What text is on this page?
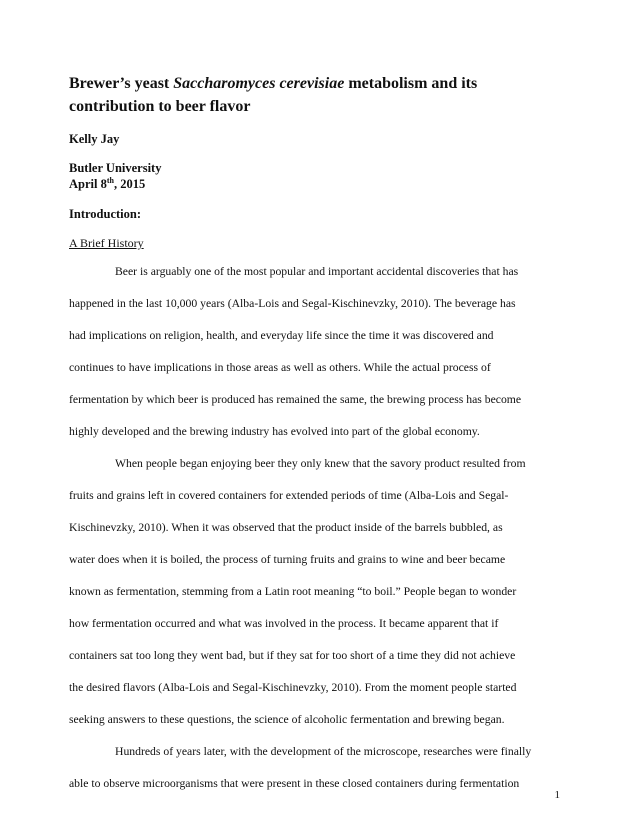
Brewer’s yeast Saccharomyces cerevisiae metabolism and its
contribution to beer flavor
Kelly Jay
Butler University
April 8th, 2015
Introduction:
A Brief History
Beer is arguably one of the most popular and important accidental discoveries that has
happened in the last 10,000 years (Alba-Lois and Segal-Kischinevzky, 2010). The beverage has
had implications on religion, health, and everyday life since the time it was discovered and
continues to have implications in those areas as well as others. While the actual process of
fermentation by which beer is produced has remained the same, the brewing process has become
highly developed and the brewing industry has evolved into part of the global economy.
When people began enjoying beer they only knew that the savory product resulted from
fruits and grains left in covered containers for extended periods of time (Alba-Lois and Segal-
Kischinevzky, 2010). When it was observed that the product inside of the barrels bubbled, as
water does when it is boiled, the process of turning fruits and grains to wine and beer became
known as fermentation, stemming from a Latin root meaning “to boil.” People began to wonder
how fermentation occurred and what was involved in the process. It became apparent that if
containers sat too long they went bad, but if they sat for too short of a time they did not achieve
the desired flavors (Alba-Lois and Segal-Kischinevzky, 2010). From the moment people started
seeking answers to these questions, the science of alcoholic fermentation and brewing began.
Hundreds of years later, with the development of the microscope, researches were finally
able to observe microorganisms that were present in these closed containers during fermentation
1
